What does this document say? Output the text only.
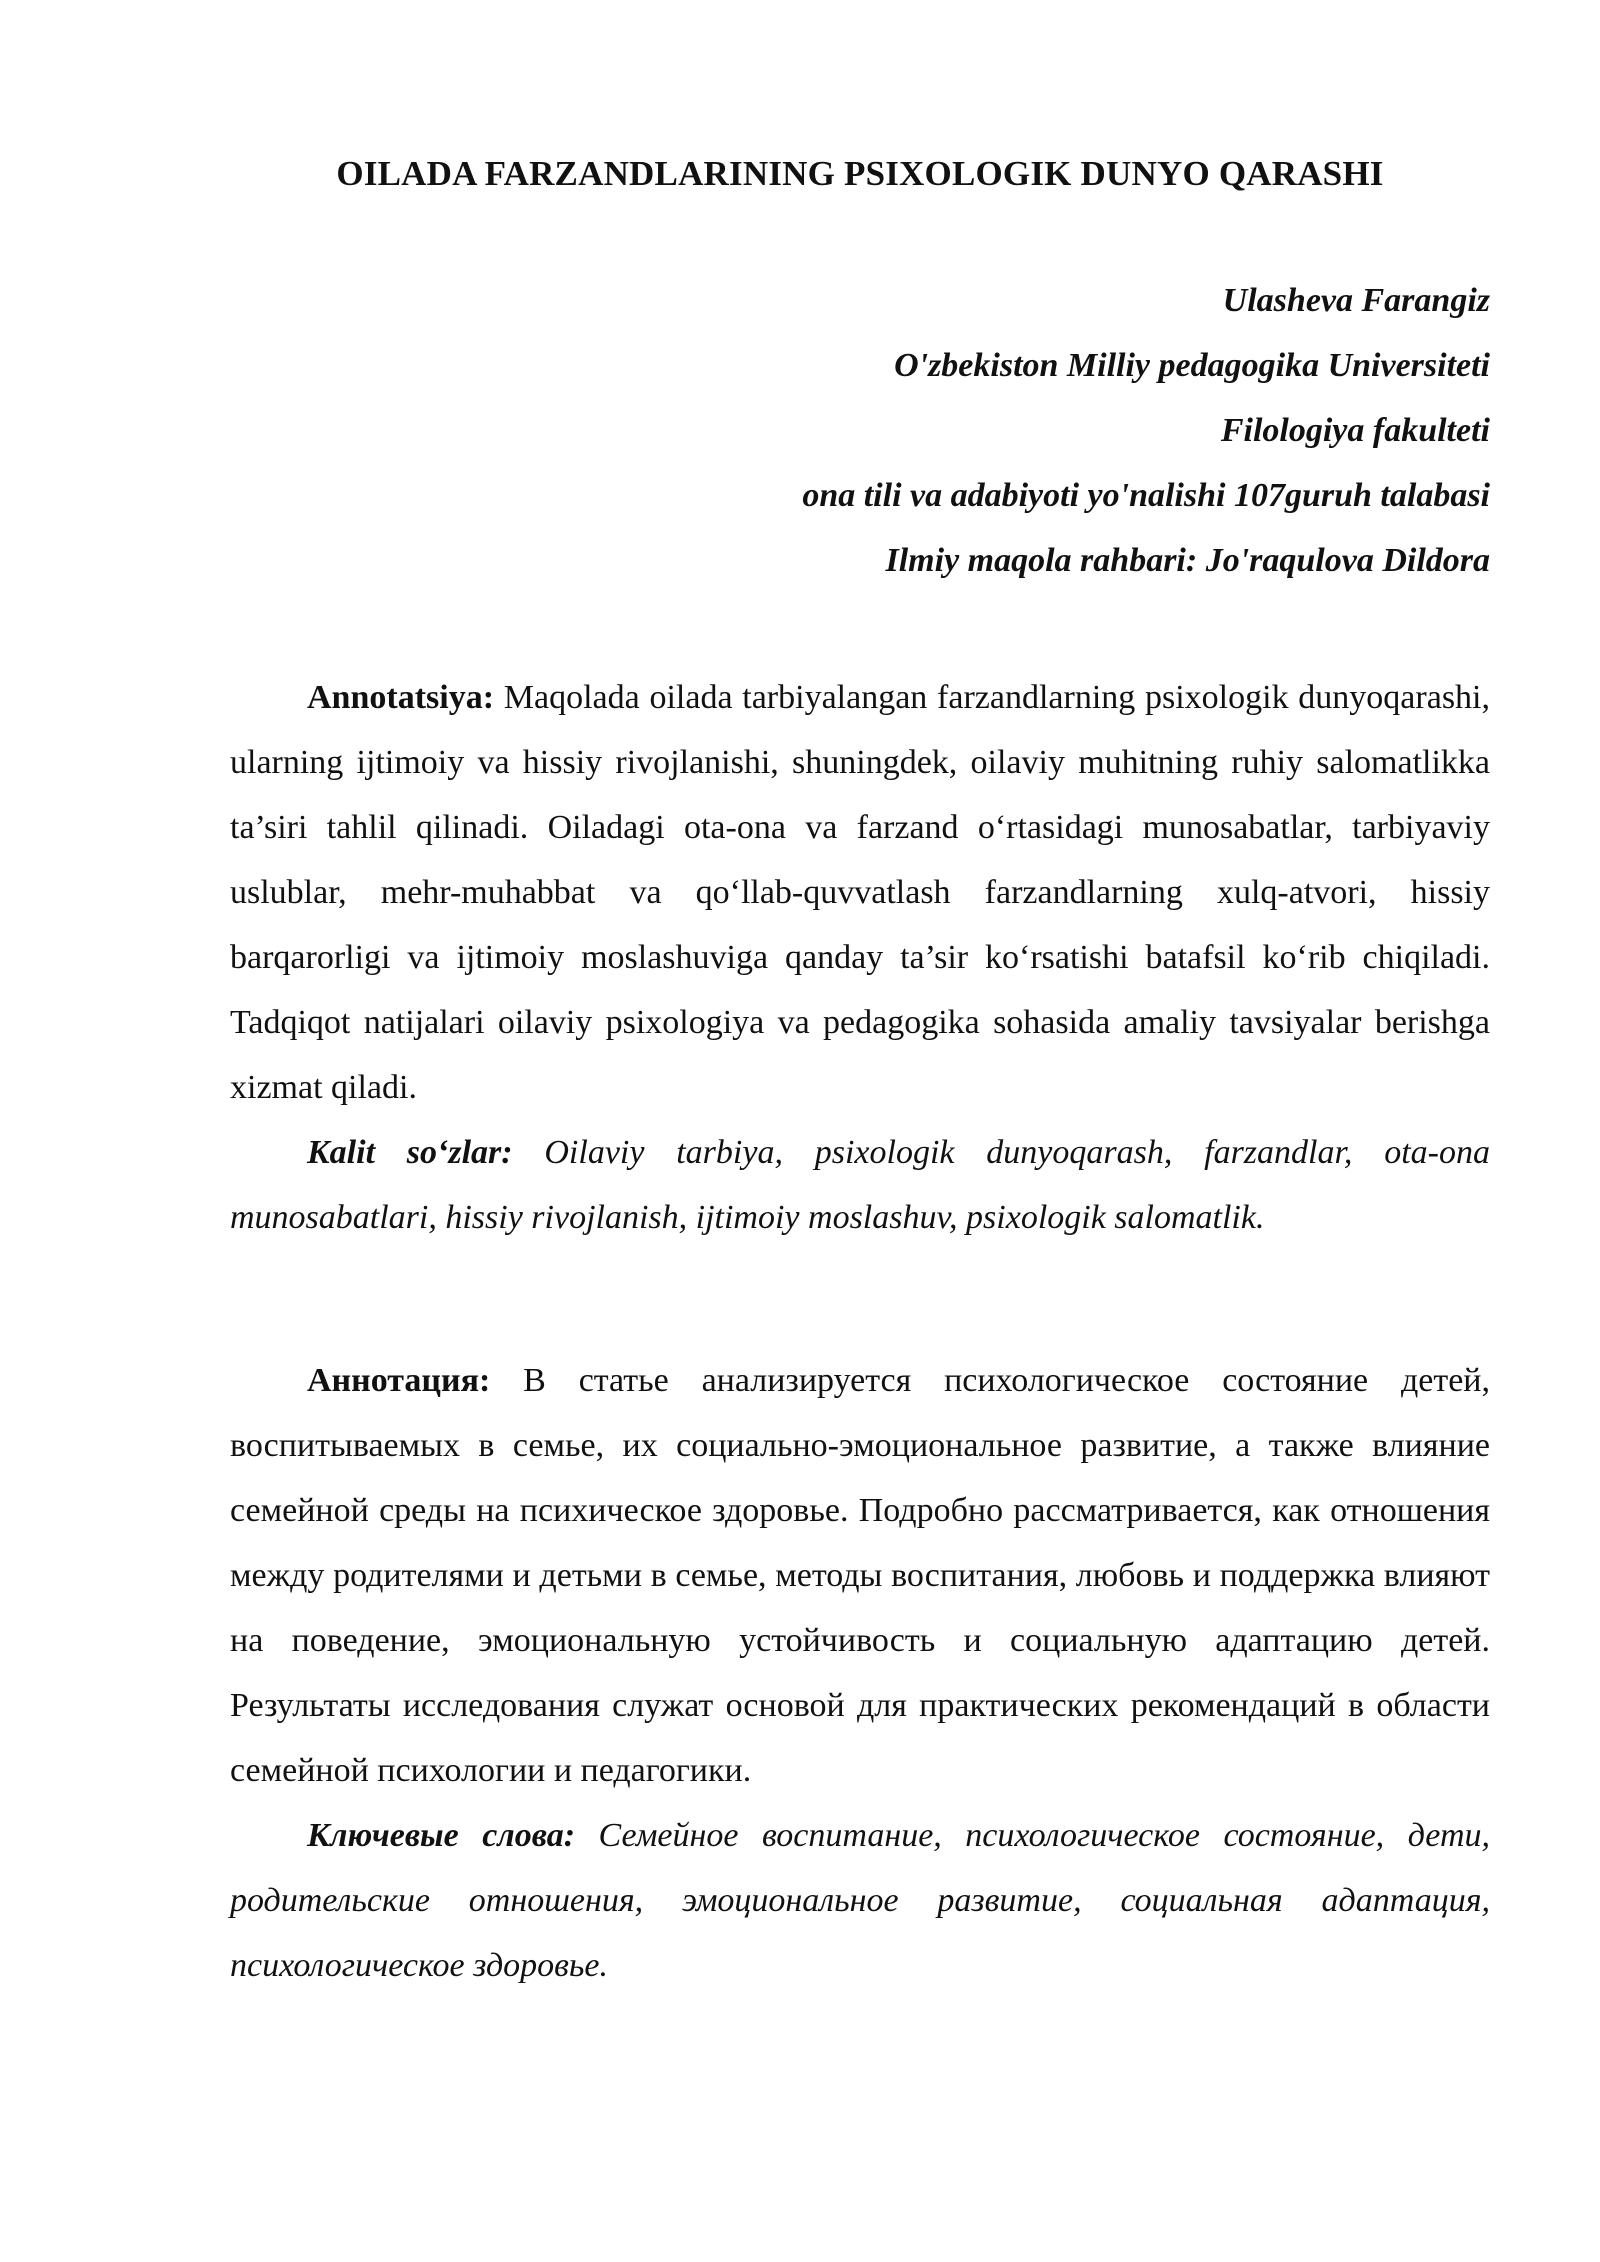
OILADA FARZANDLARINING PSIXOLOGIK DUNYO QARASHI
Ulasheva Farangiz
O'zbekiston Milliy pedagogika Universiteti
Filologiya fakulteti
ona tili va adabiyoti yo'nalishi 107guruh talabasi
Ilmiy maqola rahbari: Jo'raqulova Dildora

Annotatsiya: Maqolada oilada tarbiyalangan farzandlarning psixologik dunyoqarashi, ularning ijtimoiy va hissiy rivojlanishi, shuningdek, oilaviy muhitning ruhiy salomatlikka ta’siri tahlil qilinadi. Oiladagi ota-ona va farzand o‘rtasidagi munosabatlar, tarbiyaviy uslublar, mehr-muhabbat va qo‘llab-quvvatlash farzandlarning xulq-atvori, hissiy barqarorligi va ijtimoiy moslashuviga qanday ta’sir ko‘rsatishi batafsil ko‘rib chiqiladi. Tadqiqot natijalari oilaviy psixologiya va pedagogika sohasida amaliy tavsiyalar berishga xizmat qiladi.

Kalit so‘zlar: Oilaviy tarbiya, psixologik dunyoqarash, farzandlar, ota-ona munosabatlari, hissiy rivojlanish, ijtimoiy moslashuv, psixologik salomatlik.

Аннотация: В статье анализируется психологическое состояние детей, воспитываемых в семье, их социально-эмоциональное развитие, а также влияние семейной среды на психическое здоровье. Подробно рассматривается, как отношения между родителями и детьми в семье, методы воспитания, любовь и поддержка влияют на поведение, эмоциональную устойчивость и социальную адаптацию детей. Результаты исследования служат основой для практических рекомендаций в области семейной психологии и педагогики.

Ключевые слова: Семейное воспитание, психологическое состояние, дети, родительские отношения, эмоциональное развитие, социальная адаптация, психологическое здоровье.
